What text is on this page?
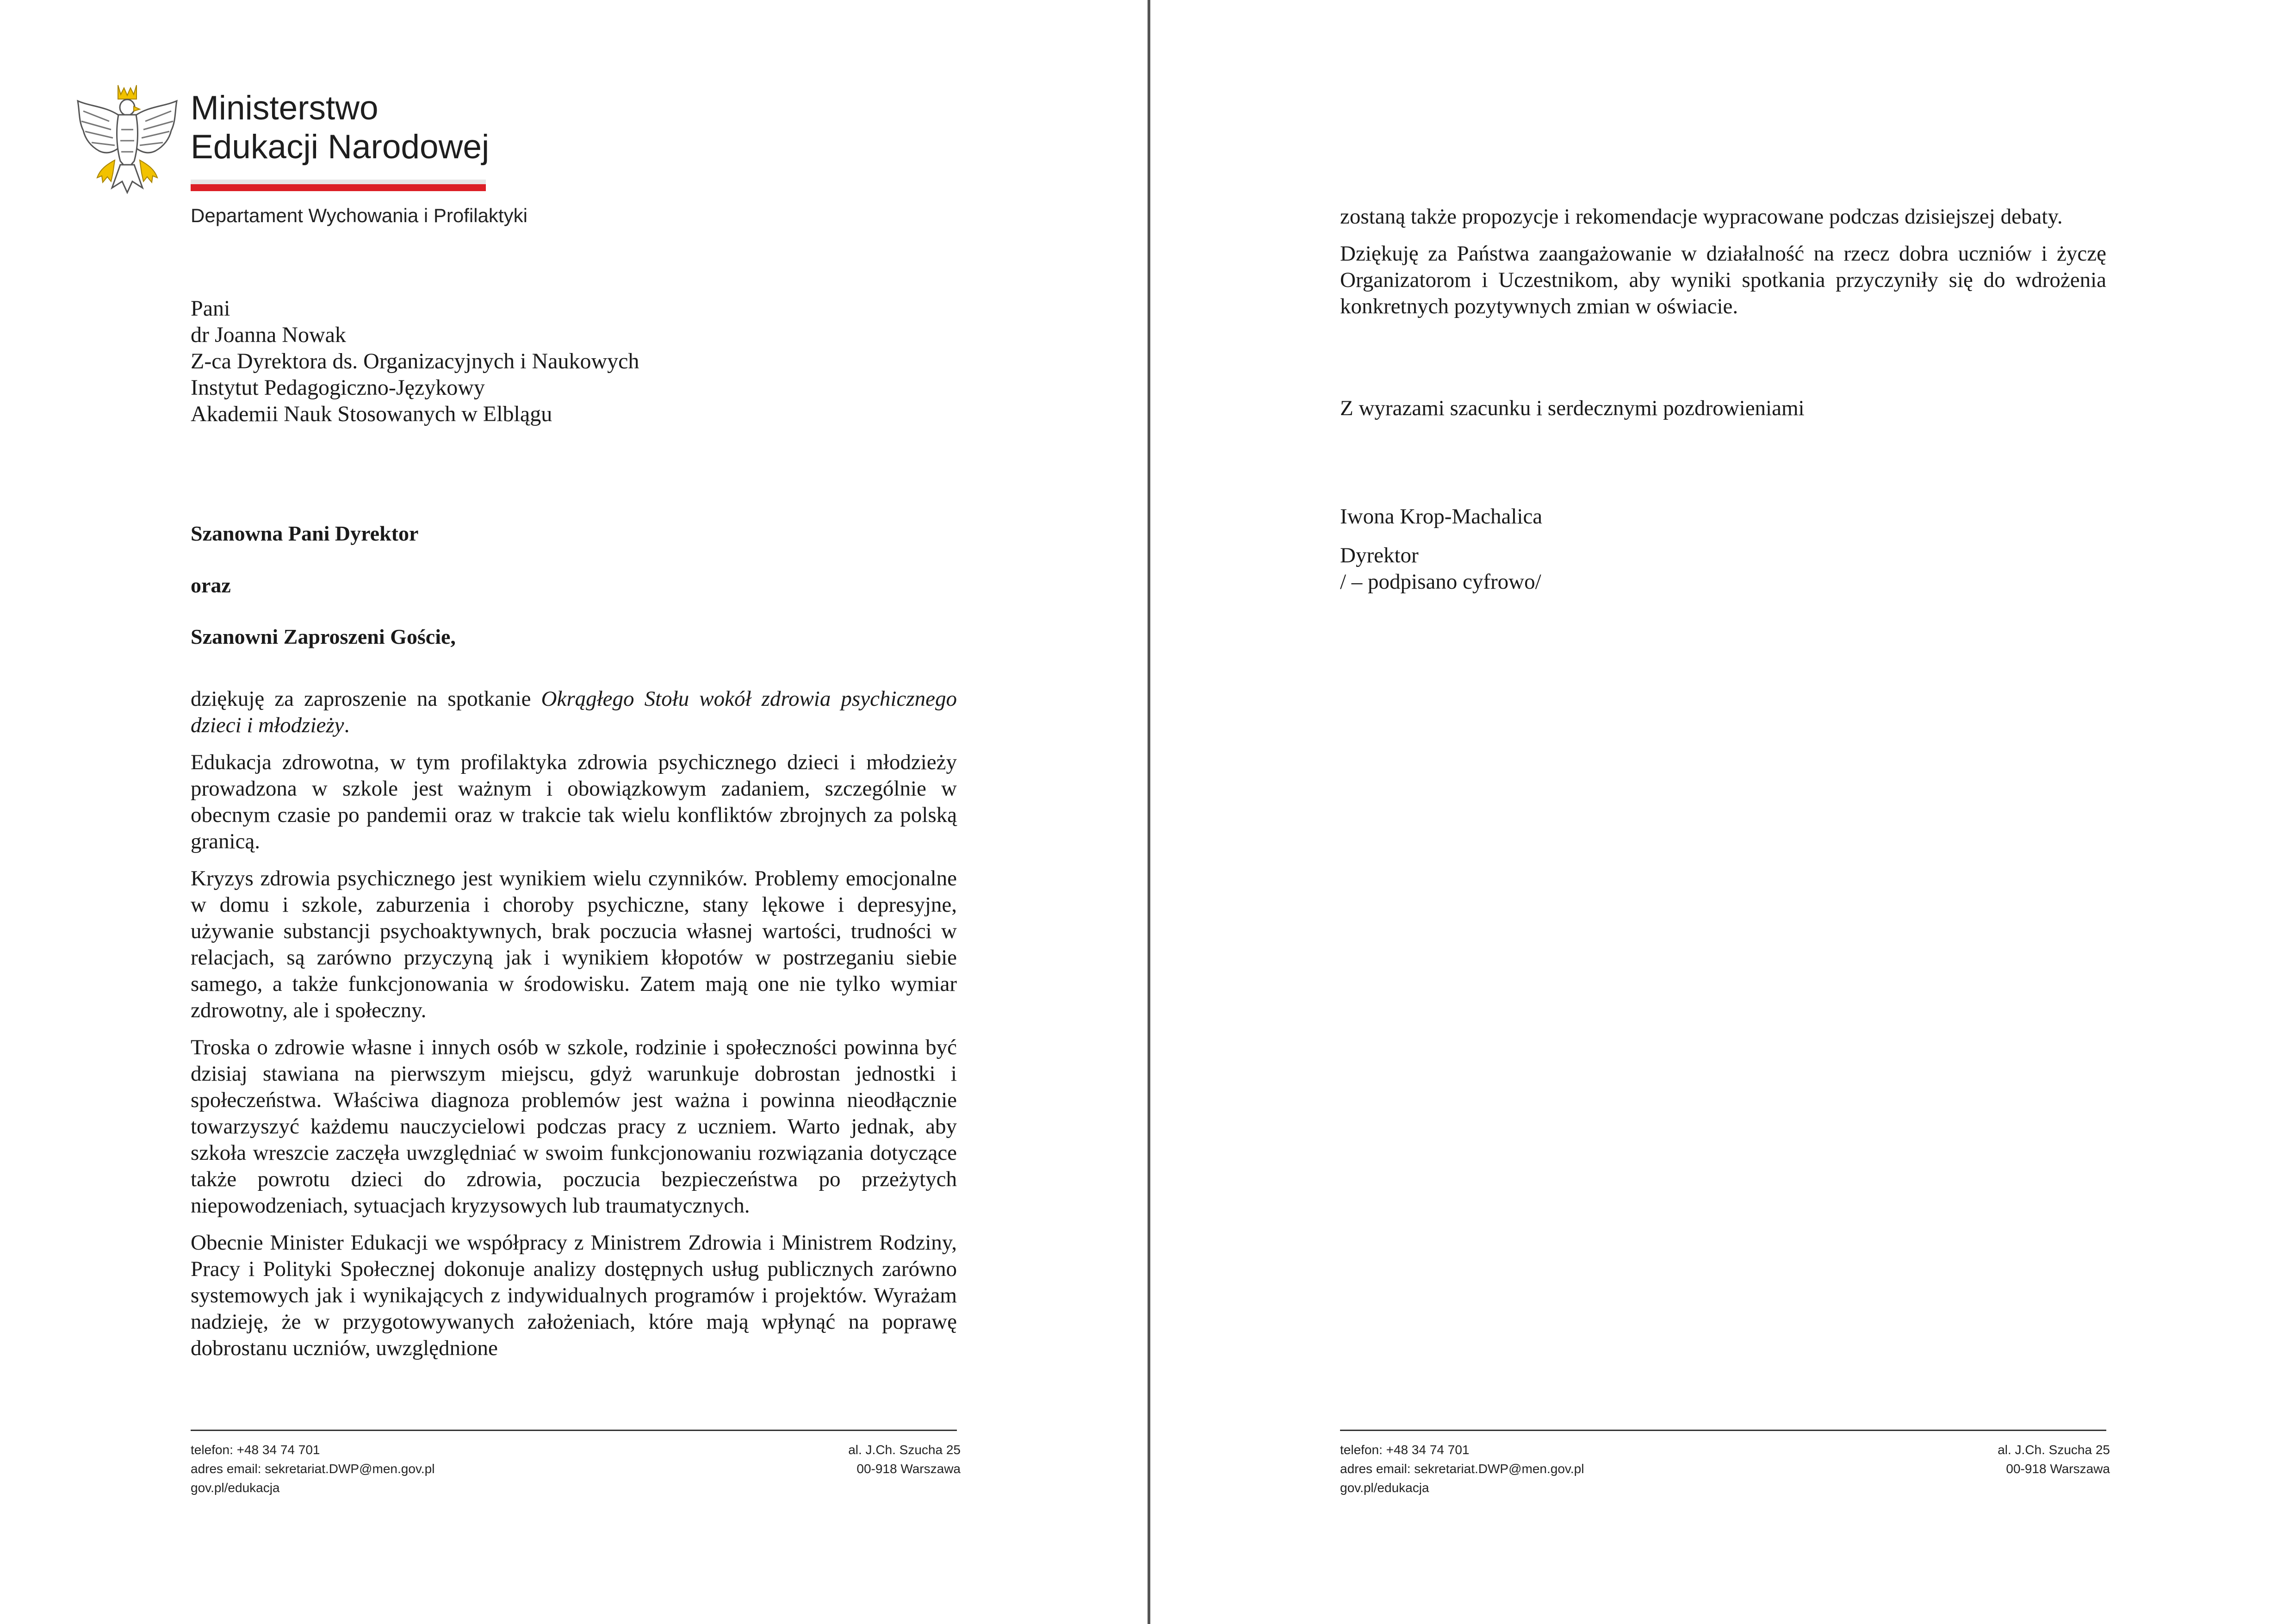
Ministerstwo
Edukacji Narodowej
Departament Wychowania i Profilaktyki
Pani
dr Joanna Nowak
Z-ca Dyrektora ds. Organizacyjnych i Naukowych
Instytut Pedagogiczno-Językowy
Akademii Nauk Stosowanych w Elblągu
Szanowna Pani Dyrektor
oraz
Szanowni Zaproszeni Goście,

dziękuję za zaproszenie na spotkanie Okrągłego Stołu wokół zdrowia psychicznego dzieci i młodzieży.

Edukacja zdrowotna, w tym profilaktyka zdrowia psychicznego dzieci i młodzieży prowadzona w szkole jest ważnym i obowiązkowym zadaniem, szczególnie w obecnym czasie po pandemii oraz w trakcie tak wielu konfliktów zbrojnych za polską granicą.

Kryzys zdrowia psychicznego jest wynikiem wielu czynników. Problemy emocjonalne w domu i szkole, zaburzenia i choroby psychiczne, stany lękowe i depresyjne, używanie substancji psychoaktywnych, brak poczucia własnej wartości, trudności w relacjach, są zarówno przyczyną jak i wynikiem kłopotów w postrzeganiu siebie samego, a także funkcjonowania w środowisku. Zatem mają one nie tylko wymiar zdrowotny, ale i społeczny.

Troska o zdrowie własne i innych osób w szkole, rodzinie i społeczności powinna być dzisiaj stawiana na pierwszym miejscu, gdyż warunkuje dobrostan jednostki i społeczeństwa. Właściwa diagnoza problemów jest ważna i powinna nieodłącznie towarzyszyć każdemu nauczycielowi podczas pracy z uczniem. Warto jednak, aby szkoła wreszcie zaczęła uwzględniać w swoim funkcjonowaniu rozwiązania dotyczące także powrotu dzieci do zdrowia, poczucia bezpieczeństwa po przeżytych niepowodzeniach, sytuacjach kryzysowych lub traumatycznych.

Obecnie Minister Edukacji we współpracy z Ministrem Zdrowia i Ministrem Rodziny, Pracy i Polityki Społecznej dokonuje analizy dostępnych usług publicznych zarówno systemowych jak i wynikających z indywidualnych programów i projektów. Wyrażam nadzieję, że w przygotowywanych założeniach, które mają wpłynąć na poprawę dobrostanu uczniów, uwzględnione

telefon: +48 34 74 701
adres email: sekretariat.DWP@men.gov.pl
gov.pl/edukacja
al. J.Ch. Szucha 25
00-918 Warszawa

zostaną także propozycje i rekomendacje wypracowane podczas dzisiejszej debaty.

Dziękuję za Państwa zaangażowanie w działalność na rzecz dobra uczniów i życzę Organizatorom i Uczestnikom, aby wyniki spotkania przyczyniły się do wdrożenia konkretnych pozytywnych zmian w oświacie.

Z wyrazami szacunku i serdecznymi pozdrowieniami
Iwona Krop-Machalica
Dyrektor
/ – podpisano cyfrowo/
telefon: +48 34 74 701
adres email: sekretariat.DWP@men.gov.pl
gov.pl/edukacja
al. J.Ch. Szucha 25
00-918 Warszawa
